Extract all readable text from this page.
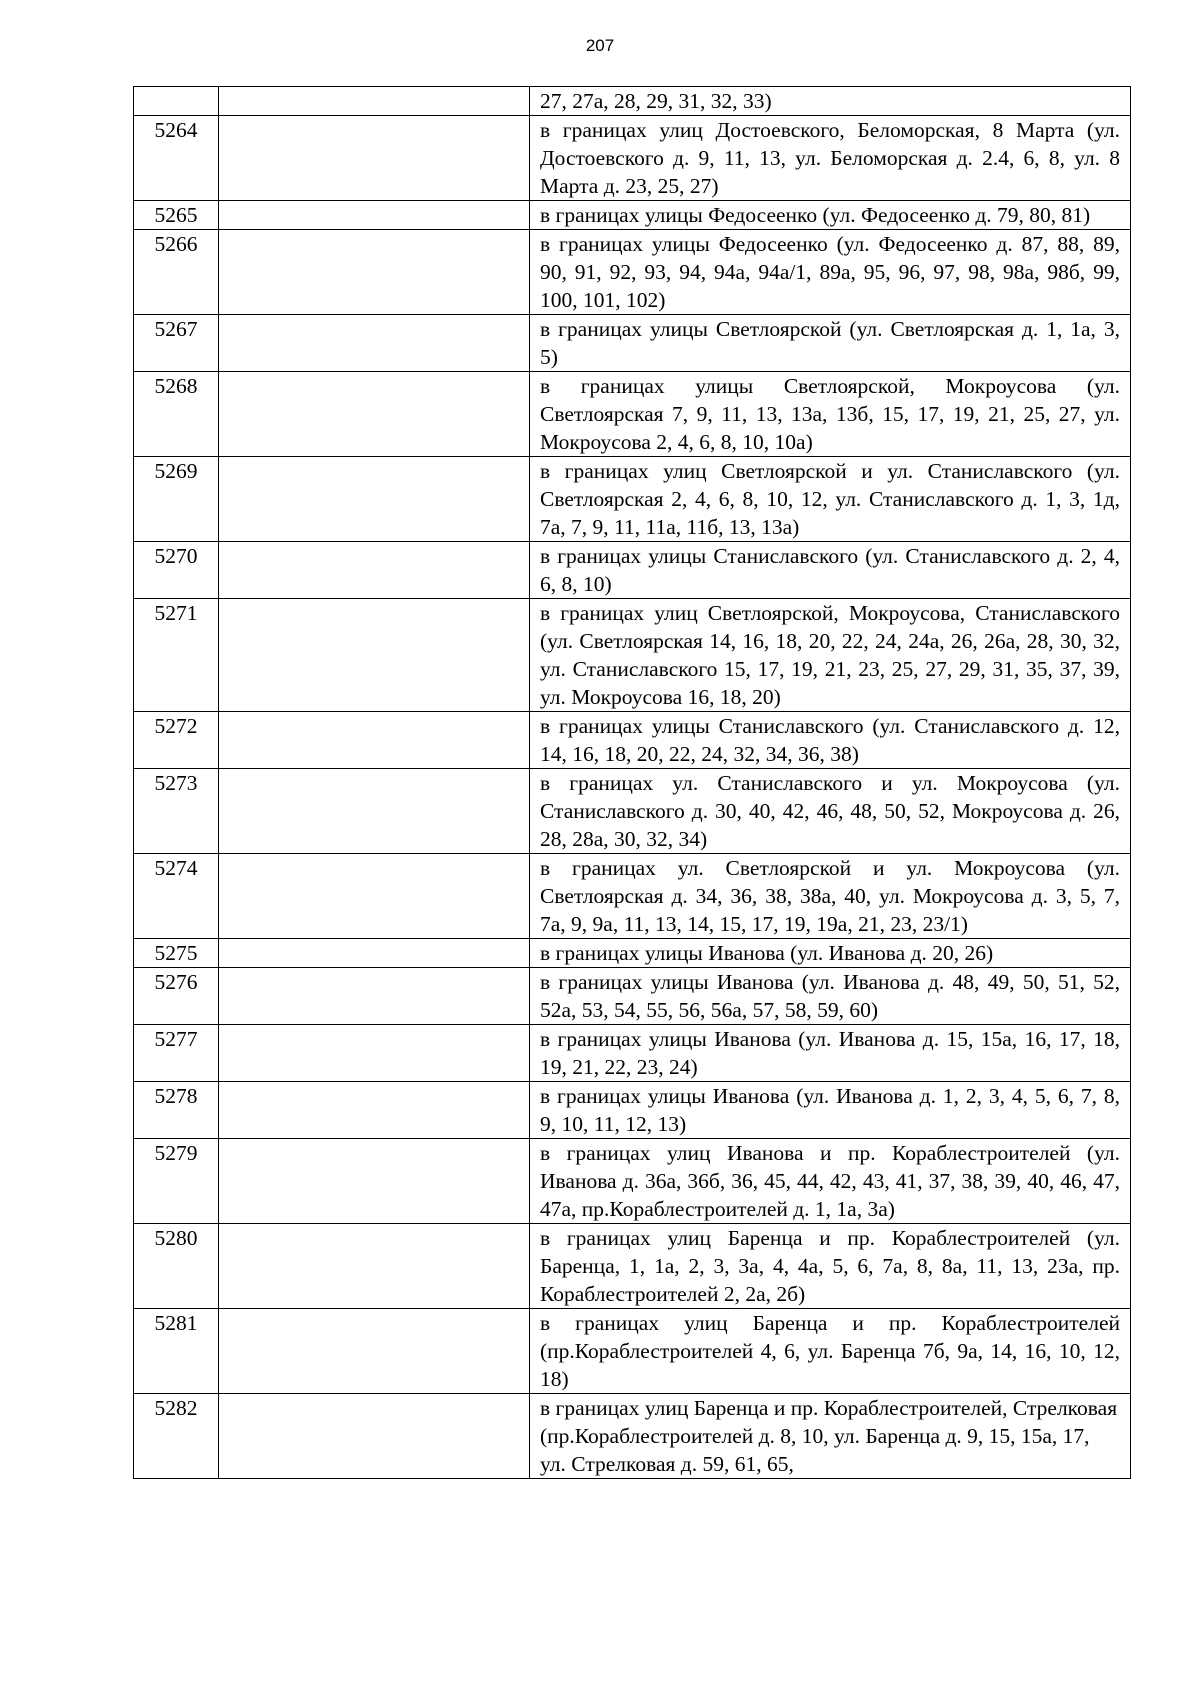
207
		27, 27а, 28, 29, 31, 32, 33)
5264		в границах улиц Достоевского, Беломорская, 8 Марта (ул. Достоевского д. 9, 11, 13, ул. Беломорская д. 2.4, 6, 8, ул. 8 Марта д. 23, 25, 27)
5265		в границах улицы Федосеенко (ул. Федосеенко д. 79, 80, 81)
5266		в границах улицы Федосеенко (ул. Федосеенко д. 87, 88, 89, 90, 91, 92, 93, 94, 94а, 94а/1, 89а, 95, 96, 97, 98, 98а, 98б, 99, 100, 101, 102)
5267		в границах улицы Светлоярской (ул. Светлоярская д. 1, 1а, 3, 5)
5268		в границах улицы Светлоярской, Мокроусова (ул. Светлоярская 7, 9, 11, 13, 13а, 13б, 15, 17, 19, 21, 25, 27, ул. Мокроусова 2, 4, 6, 8, 10, 10а)
5269		в границах улиц Светлоярской и ул. Станиславского (ул. Светлоярская 2, 4, 6, 8, 10, 12, ул. Станиславского д. 1, 3, 1д, 7а, 7, 9, 11, 11а, 11б, 13, 13а)
5270		в границах улицы Станиславского (ул. Станиславского д. 2, 4, 6, 8, 10)
5271		в границах улиц Светлоярской, Мокроусова, Станиславского (ул. Светлоярская 14, 16, 18, 20, 22, 24, 24а, 26, 26а, 28, 30, 32, ул. Станиславского 15, 17, 19, 21, 23, 25, 27, 29, 31, 35, 37, 39, ул. Мокроусова 16, 18, 20)
5272		в границах улицы Станиславского (ул. Станиславского д. 12, 14, 16, 18, 20, 22, 24, 32, 34, 36, 38)
5273		в границах ул. Станиславского и ул. Мокроусова (ул. Станиславского д. 30, 40, 42, 46, 48, 50, 52, Мокроусова д. 26, 28, 28а, 30, 32, 34)
5274		в границах ул. Светлоярской и ул. Мокроусова (ул. Светлоярская д. 34, 36, 38, 38а, 40, ул. Мокроусова д. 3, 5, 7, 7а, 9, 9а, 11, 13, 14, 15, 17, 19, 19а, 21, 23, 23/1)
5275		в границах улицы Иванова (ул. Иванова д. 20, 26)
5276		в границах улицы Иванова (ул. Иванова д. 48, 49, 50, 51, 52, 52а, 53, 54, 55, 56, 56а, 57, 58, 59, 60)
5277		в границах улицы Иванова (ул. Иванова д. 15, 15а, 16, 17, 18, 19, 21, 22, 23, 24)
5278		в границах улицы Иванова (ул. Иванова д. 1, 2, 3, 4, 5, 6, 7, 8, 9, 10, 11, 12, 13)
5279		в границах улиц Иванова и пр. Кораблестроителей (ул. Иванова д. 36а, 36б, 36, 45, 44, 42, 43, 41, 37, 38, 39, 40, 46, 47, 47а, пр.Кораблестроителей д. 1, 1а, 3а)
5280		в границах улиц Баренца и пр. Кораблестроителей (ул. Баренца, 1, 1а, 2, 3, 3а, 4, 4а, 5, 6, 7а, 8, 8а, 11, 13, 23а, пр. Кораблестроителей 2, 2а, 2б)
5281		в границах улиц Баренца и пр. Кораблестроителей (пр.Кораблестроителей 4, 6, ул. Баренца 7б, 9а, 14, 16, 10, 12, 18)
5282		в границах улиц Баренца и пр. Кораблестроителей, Стрелковая (пр.Кораблестроителей д. 8, 10, ул. Баренца д. 9, 15, 15а, 17, ул. Стрелковая д. 59, 61, 65,
